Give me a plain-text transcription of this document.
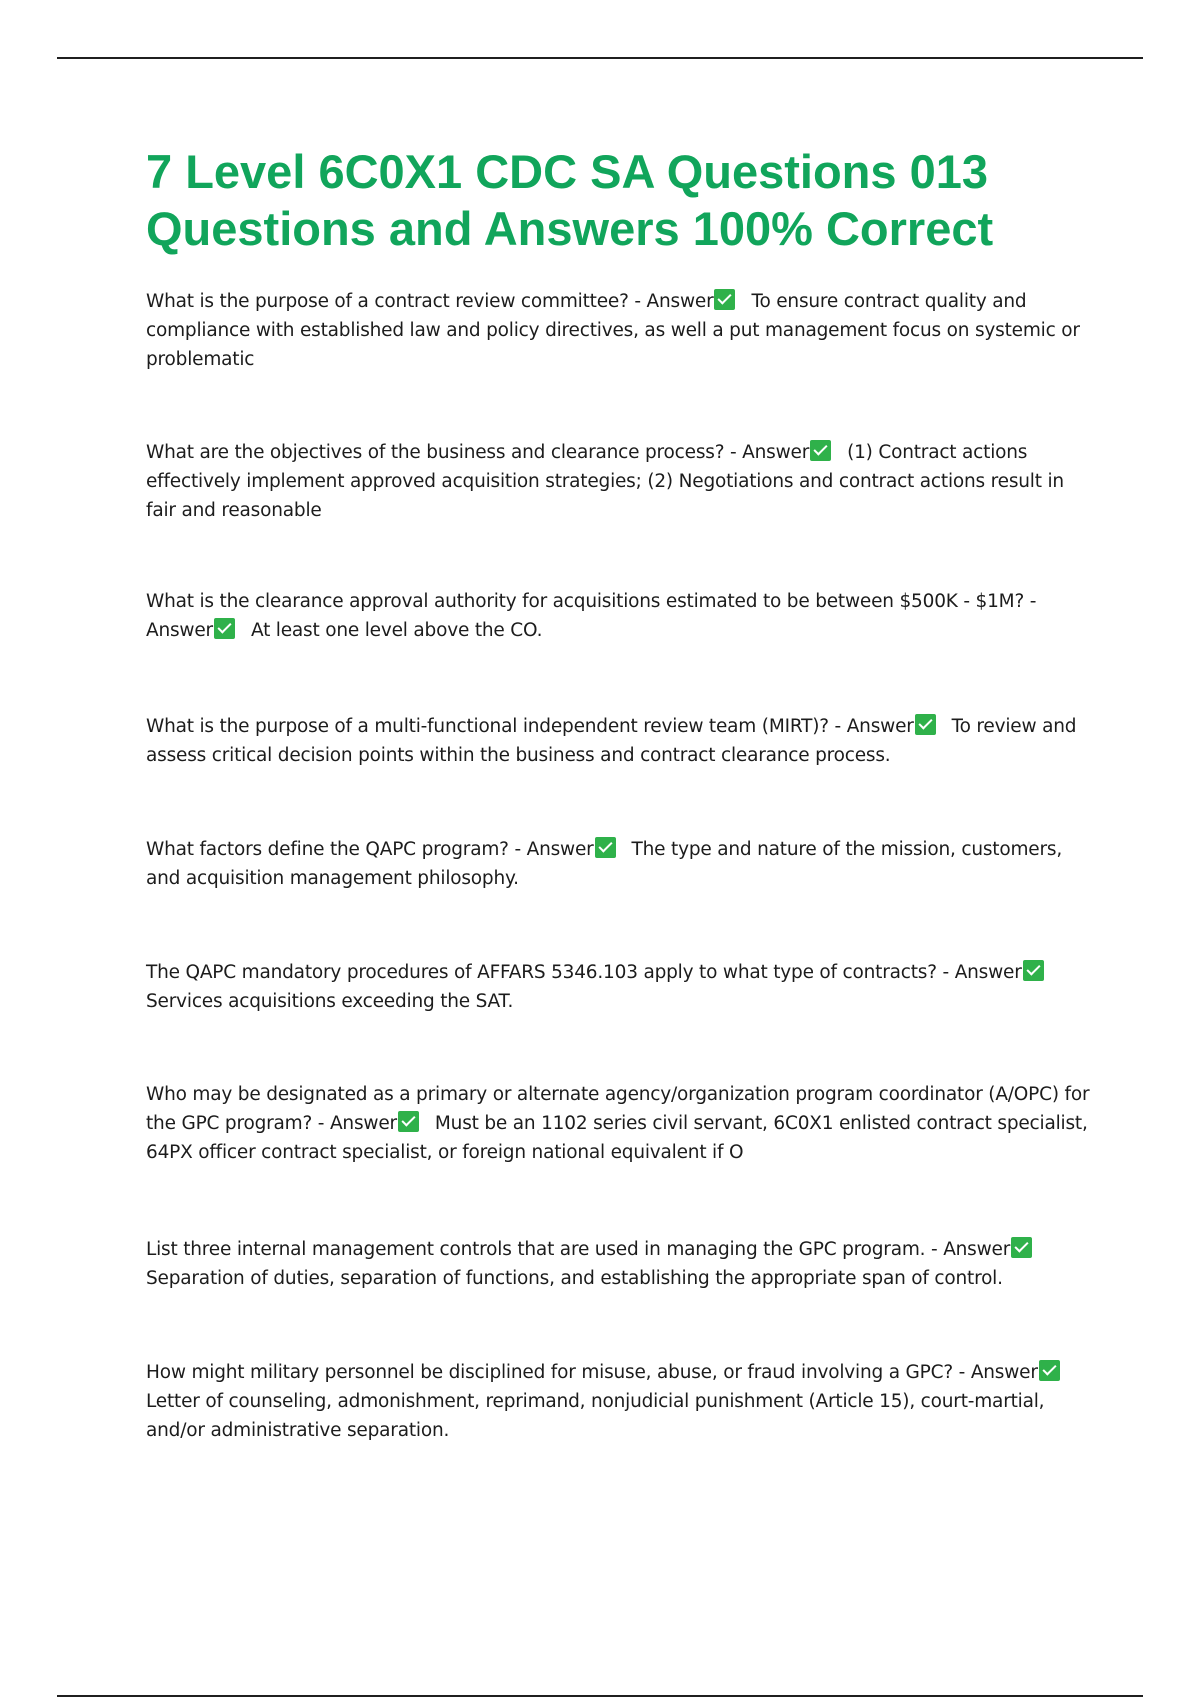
7 Level 6C0X1 CDC SA Questions 013 Questions and Answers 100% Correct
What is the purpose of a contract review committee? - Answer To ensure contract quality and compliance with established law and policy directives, as well a put management focus on systemic or problematic
What are the objectives of the business and clearance process? - Answer (1) Contract actions effectively implement approved acquisition strategies; (2) Negotiations and contract actions result in fair and reasonable
What is the clearance approval authority for acquisitions estimated to be between $500K - $1M? - Answer At least one level above the CO.
What is the purpose of a multi-functional independent review team (MIRT)? - Answer To review and assess critical decision points within the business and contract clearance process.
What factors define the QAPC program? - Answer The type and nature of the mission, customers, and acquisition management philosophy.
The QAPC mandatory procedures of AFFARS 5346.103 apply to what type of contracts? - AnswerServices acquisitions exceeding the SAT.
Who may be designated as a primary or alternate agency/organization program coordinator (A/OPC) for the GPC program? - Answer Must be an 1102 series civil servant, 6C0X1 enlisted contract specialist, 64PX officer contract specialist, or foreign national equivalent if O
List three internal management controls that are used in managing the GPC program. - AnswerSeparation of duties, separation of functions, and establishing the appropriate span of control.
How might military personnel be disciplined for misuse, abuse, or fraud involving a GPC? - AnswerLetter of counseling, admonishment, reprimand, nonjudicial punishment (Article 15), court-martial, and/or administrative separation.
